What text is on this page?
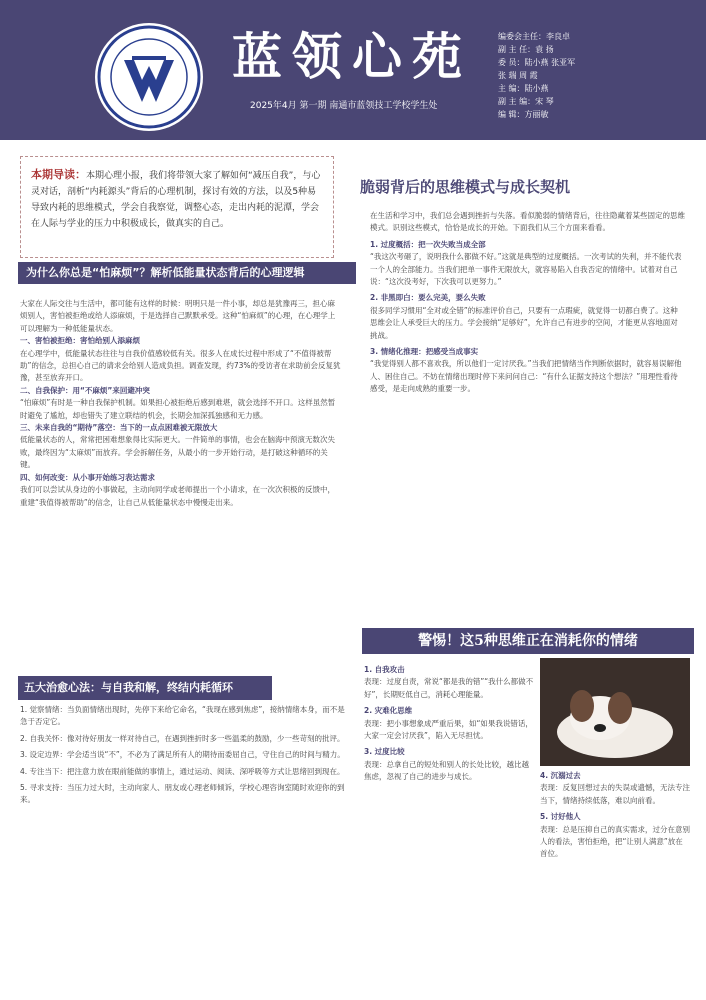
蓝领心苑
2025年4月 第一期 南通市蓝领技工学校学生处
编委会主任：李良卓
副 主 任：袁 扬
委 员：陆小燕 张亚军
张 瑞 周 霞
主 编：陆小燕
副 主 编：宋 琴
编 辑：方丽敏

本期导读：本期心理小报，我们将带领大家了解如何“减压自我”，与心灵对话，剖析“内耗源头”背后的心理机制，探讨有效的方法，以及5种易导致内耗的思维模式，学会自我察觉，调整心态，走出内耗的泥潭，学会在人际与学业的压力中积极成长，做真实的自己。

为什么你总是“怕麻烦”？解析低能量状态背后的心理逻辑
大家在人际交往与生活中，都可能有这样的时候：明明只是一件小事，却总是犹豫再三，担心麻烦别人，害怕被拒绝或给人添麻烦，于是选择自己默默承受。这种“怕麻烦”的心理，在心理学上可以理解为一种低能量状态。
一、害怕被拒绝：害怕给别人添麻烦
在心理学中，低能量状态往往与自我价值感较低有关。很多人在成长过程中形成了“不值得被帮助”的信念，总担心自己的请求会给别人造成负担。调查发现，约73%的受访者在求助前会反复犹豫，甚至放弃开口。
二、自我保护：用“不麻烦”来回避冲突
“怕麻烦”有时是一种自我保护机制。如果担心被拒绝后感到难堪，就会选择不开口。这样虽然暂时避免了尴尬，却也错失了建立联结的机会，长期会加深孤独感和无力感。
三、未来自我的“期待”落空：当下的一点点困难被无限放大
低能量状态的人，常常把困难想象得比实际更大。一件简单的事情，也会在脑海中预演无数次失败，最终因为“太麻烦”而放弃。学会拆解任务，从最小的一步开始行动，是打破这种循环的关键。
四、如何改变：从小事开始练习表达需求
我们可以尝试从身边的小事做起，主动向同学或老师提出一个小请求，在一次次积极的反馈中，重建“我值得被帮助”的信念，让自己从低能量状态中慢慢走出来。
脆弱背后的思维模式与成长契机
在生活和学习中，我们总会遇到挫折与失落。看似脆弱的情绪背后，往往隐藏着某些固定的思维模式。识别这些模式，恰恰是成长的开始。下面我们从三个方面来看看。
1. 过度概括：把一次失败当成全部
“我这次考砸了，说明我什么都做不好。”这就是典型的过度概括。一次考试的失利，并不能代表一个人的全部能力。当我们把单一事件无限放大，就容易陷入自我否定的情绪中。试着对自己说：“这次没考好，下次我可以更努力。”
2. 非黑即白：要么完美，要么失败
很多同学习惯用“全对或全错”的标准评价自己，只要有一点瑕疵，就觉得一切都白费了。这种思维会让人承受巨大的压力。学会接纳“足够好”，允许自己有进步的空间，才能更从容地面对挑战。
3. 情绪化推理：把感受当成事实
“我觉得别人都不喜欢我，所以他们一定讨厌我。”当我们把情绪当作判断依据时，就容易误解他人、困住自己。不妨在情绪出现时停下来问问自己：“有什么证据支持这个想法？”用理性看待感受，是走向成熟的重要一步。
警惕！这5种思维正在消耗你的情绪
1. 自我攻击
表现：过度自责，常说“都是我的错”“我什么都做不好”，长期贬低自己，消耗心理能量。
2. 灾难化思维
表现：把小事想象成严重后果，如“如果我说错话，大家一定会讨厌我”，陷入无尽担忧。
3. 过度比较
表现：总拿自己的短处和别人的长处比较，越比越焦虑，忽视了自己的进步与成长。	4. 沉溺过去
表现：反复回想过去的失误或遗憾，无法专注当下，情绪持续低落，难以向前看。
5. 讨好他人
表现：总是压抑自己的真实需求，过分在意别人的看法，害怕拒绝，把“让别人满意”放在首位。
五大治愈心法：与自我和解，终结内耗循环
1. 觉察情绪：当负面情绪出现时，先停下来给它命名，“我现在感到焦虑”，接纳情绪本身，而不是急于否定它。
2. 自我关怀：像对待好朋友一样对待自己，在遇到挫折时多一些温柔的鼓励，少一些苛刻的批评。
3. 设定边界：学会适当说“不”，不必为了满足所有人的期待而委屈自己，守住自己的时间与精力。
4. 专注当下：把注意力放在眼前能做的事情上，通过运动、阅读、深呼吸等方式让思绪回到现在。
5. 寻求支持：当压力过大时，主动向家人、朋友或心理老师倾诉，学校心理咨询室随时欢迎你的到来。
